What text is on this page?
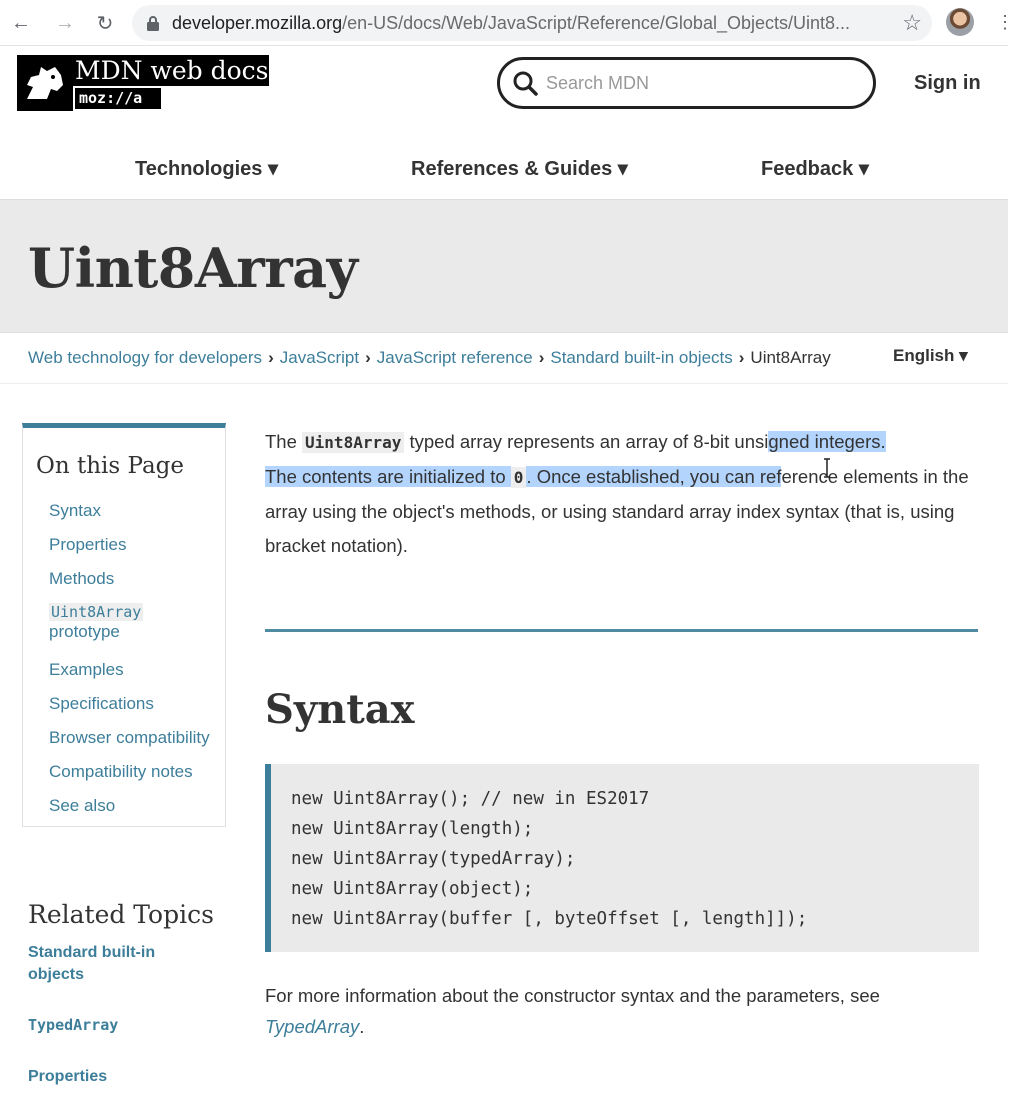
← → ↻	developer.mozilla.org/en-US/docs/Web/JavaScript/Reference/Global_Objects/Uint8... ☆	⋮
MDN web docs
moz://a
Search MDN
Sign in
Technologies ▾	References & Guides ▾	Feedback ▾
Uint8Array
Web technology for developers › JavaScript › JavaScript reference › Standard built-in objects › Uint8Array	English ▾
On this Page
Syntax
Properties
Methods
Uint8Array
prototype
Examples
Specifications
Browser compatibility
Compatibility notes
See also
Related Topics
Standard built-in
objects
TypedArray
Properties

The Uint8Array typed array represents an array of 8-bit unsigned integers.
The contents are initialized to 0 . Once established, you can reference elements in the array using the object's methods, or using standard array index syntax (that is, using bracket notation).

Syntax
new Uint8Array(); // new in ES2017
new Uint8Array(length);
new Uint8Array(typedArray);
new Uint8Array(object);
new Uint8Array(buffer [, byteOffset [, length]]);

For more information about the constructor syntax and the parameters, see
TypedArray.
